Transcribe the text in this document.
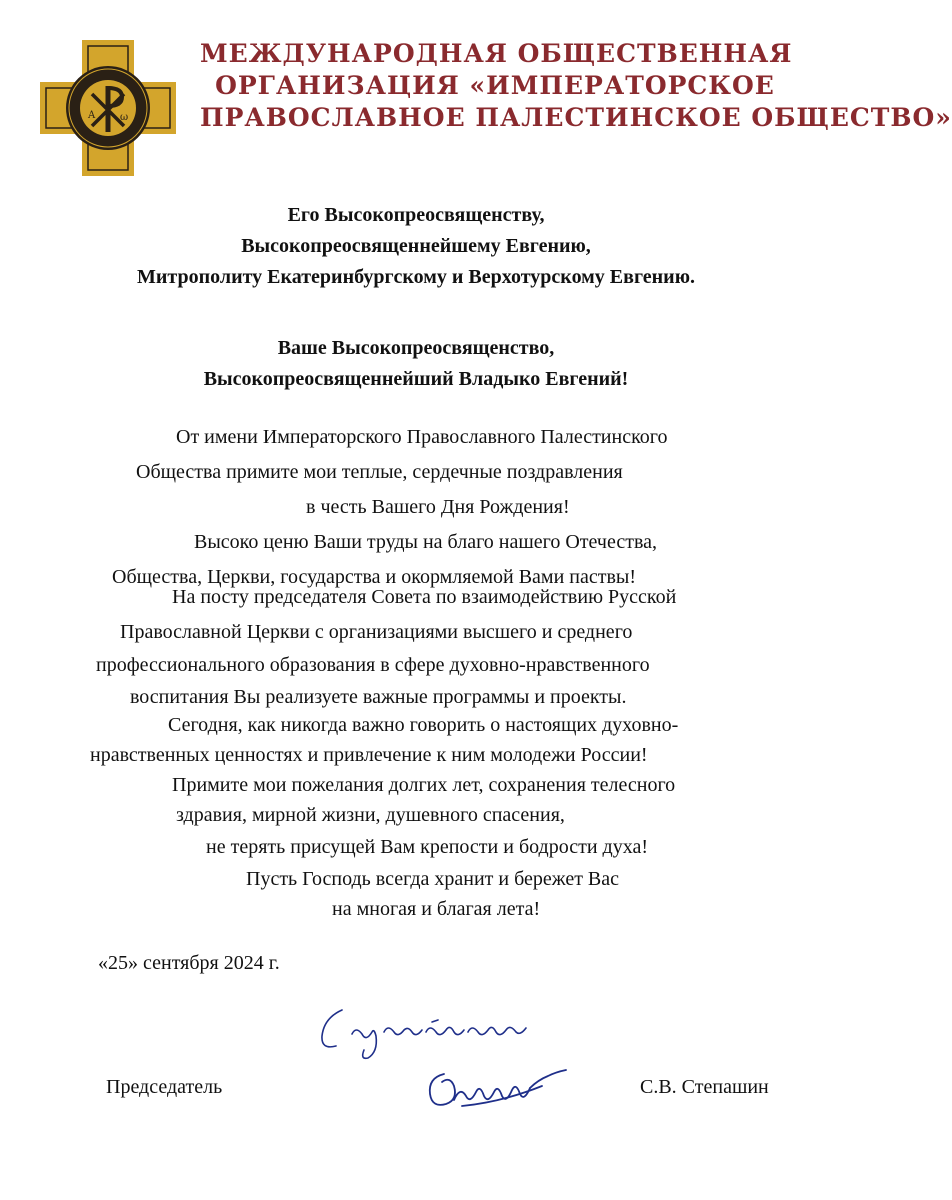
A ω
МЕЖДУНАРОДНАЯ ОБЩЕСТВЕННАЯ
ОРГАНИЗАЦИЯ «ИМПЕРАТОРСКОЕ
ПРАВОСЛАВНОЕ ПАЛЕСТИНСКОЕ ОБЩЕСТВО»
Его Высокопреосвященству,
Высокопреосвященнейшему Евгению,
Митрополиту Екатеринбургскому и Верхотурскому Евгению.
Ваше Высокопреосвященство,
Высокопреосвященнейший Владыко Евгений!
От имени Императорского Православного Палестинского
Общества примите мои теплые, сердечные поздравления
в честь Вашего Дня Рождения!
Высоко ценю Ваши труды на благо нашего Отечества,
Общества, Церкви, государства и окормляемой Вами паствы!
На посту председателя Совета по взаимодействию Русской
Православной Церкви с организациями высшего и среднего
профессионального образования в сфере духовно-нравственного
воспитания Вы реализуете важные программы и проекты.
Сегодня, как никогда важно говорить о настоящих духовно-
нравственных ценностях и привлечение к ним молодежи России!
Примите мои пожелания долгих лет, сохранения телесного
здравия, мирной жизни, душевного спасения,
не терять присущей Вам крепости и бодрости духа!
Пусть Господь всегда хранит и бережет Вас
на многая и благая лета!
«25» сентября 2024 г.
Председатель	С.В. Степашин
